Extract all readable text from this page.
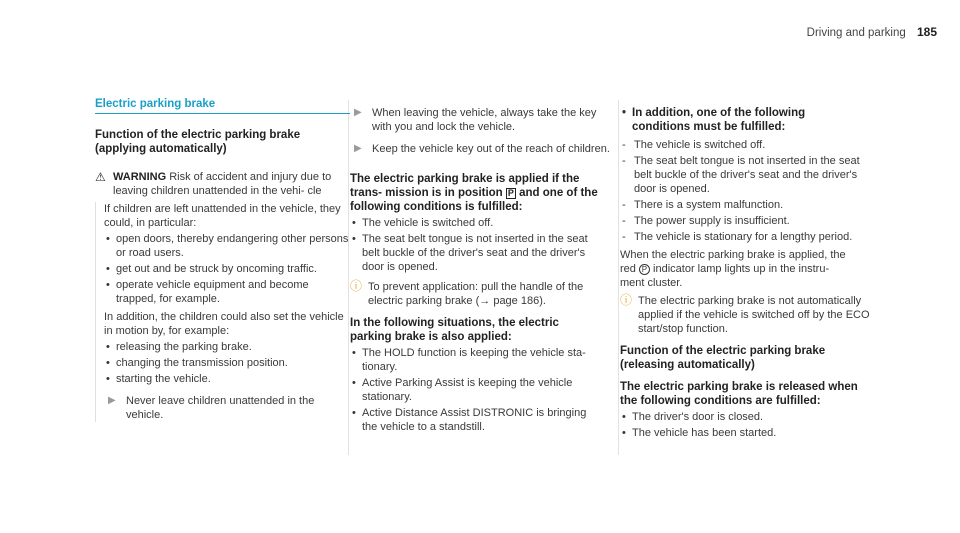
Driving and parking 185
Electric parking brake
Function of the electric parking brake (applying automatically)
⚠ WARNING Risk of accident and injury due to leaving children unattended in the vehi- cle
If children are left unattended in the vehicle, they could, in particular:
• open doors, thereby endangering other persons or road users.
• get out and be struck by oncoming traffic.
• operate vehicle equipment and become trapped, for example.
In addition, the children could also set the vehicle in motion by, for example:
• releasing the parking brake.
• changing the transmission position.
• starting the vehicle.
▶ Never leave children unattended in the vehicle.
▶ When leaving the vehicle, always take the key with you and lock the vehicle.
▶ Keep the vehicle key out of the reach of children.
The electric parking brake is applied if the trans- mission is in position P and one of the following conditions is fulfilled:
• The vehicle is switched off.
• The seat belt tongue is not inserted in the seat belt buckle of the driver's seat and the driver's door is opened.
ⓘ To prevent application: pull the handle of the electric parking brake (→ page 186).
In the following situations, the electric parking brake is also applied:
• The HOLD function is keeping the vehicle sta- tionary.
• Active Parking Assist is keeping the vehicle stationary.
• Active Distance Assist DISTRONIC is bringing the vehicle to a standstill.
• In addition, one of the following conditions must be fulfilled:
- The vehicle is switched off.
- The seat belt tongue is not inserted in the seat belt buckle of the driver's seat and the driver's door is opened.
- There is a system malfunction.
- The power supply is insufficient.
- The vehicle is stationary for a lengthy period.
When the electric parking brake is applied, the red P indicator lamp lights up in the instru- ment cluster.
ⓘ The electric parking brake is not automatically applied if the vehicle is switched off by the ECO start/stop function.
Function of the electric parking brake (releasing automatically)
The electric parking brake is released when the following conditions are fulfilled:
• The driver's door is closed.
• The vehicle has been started.
